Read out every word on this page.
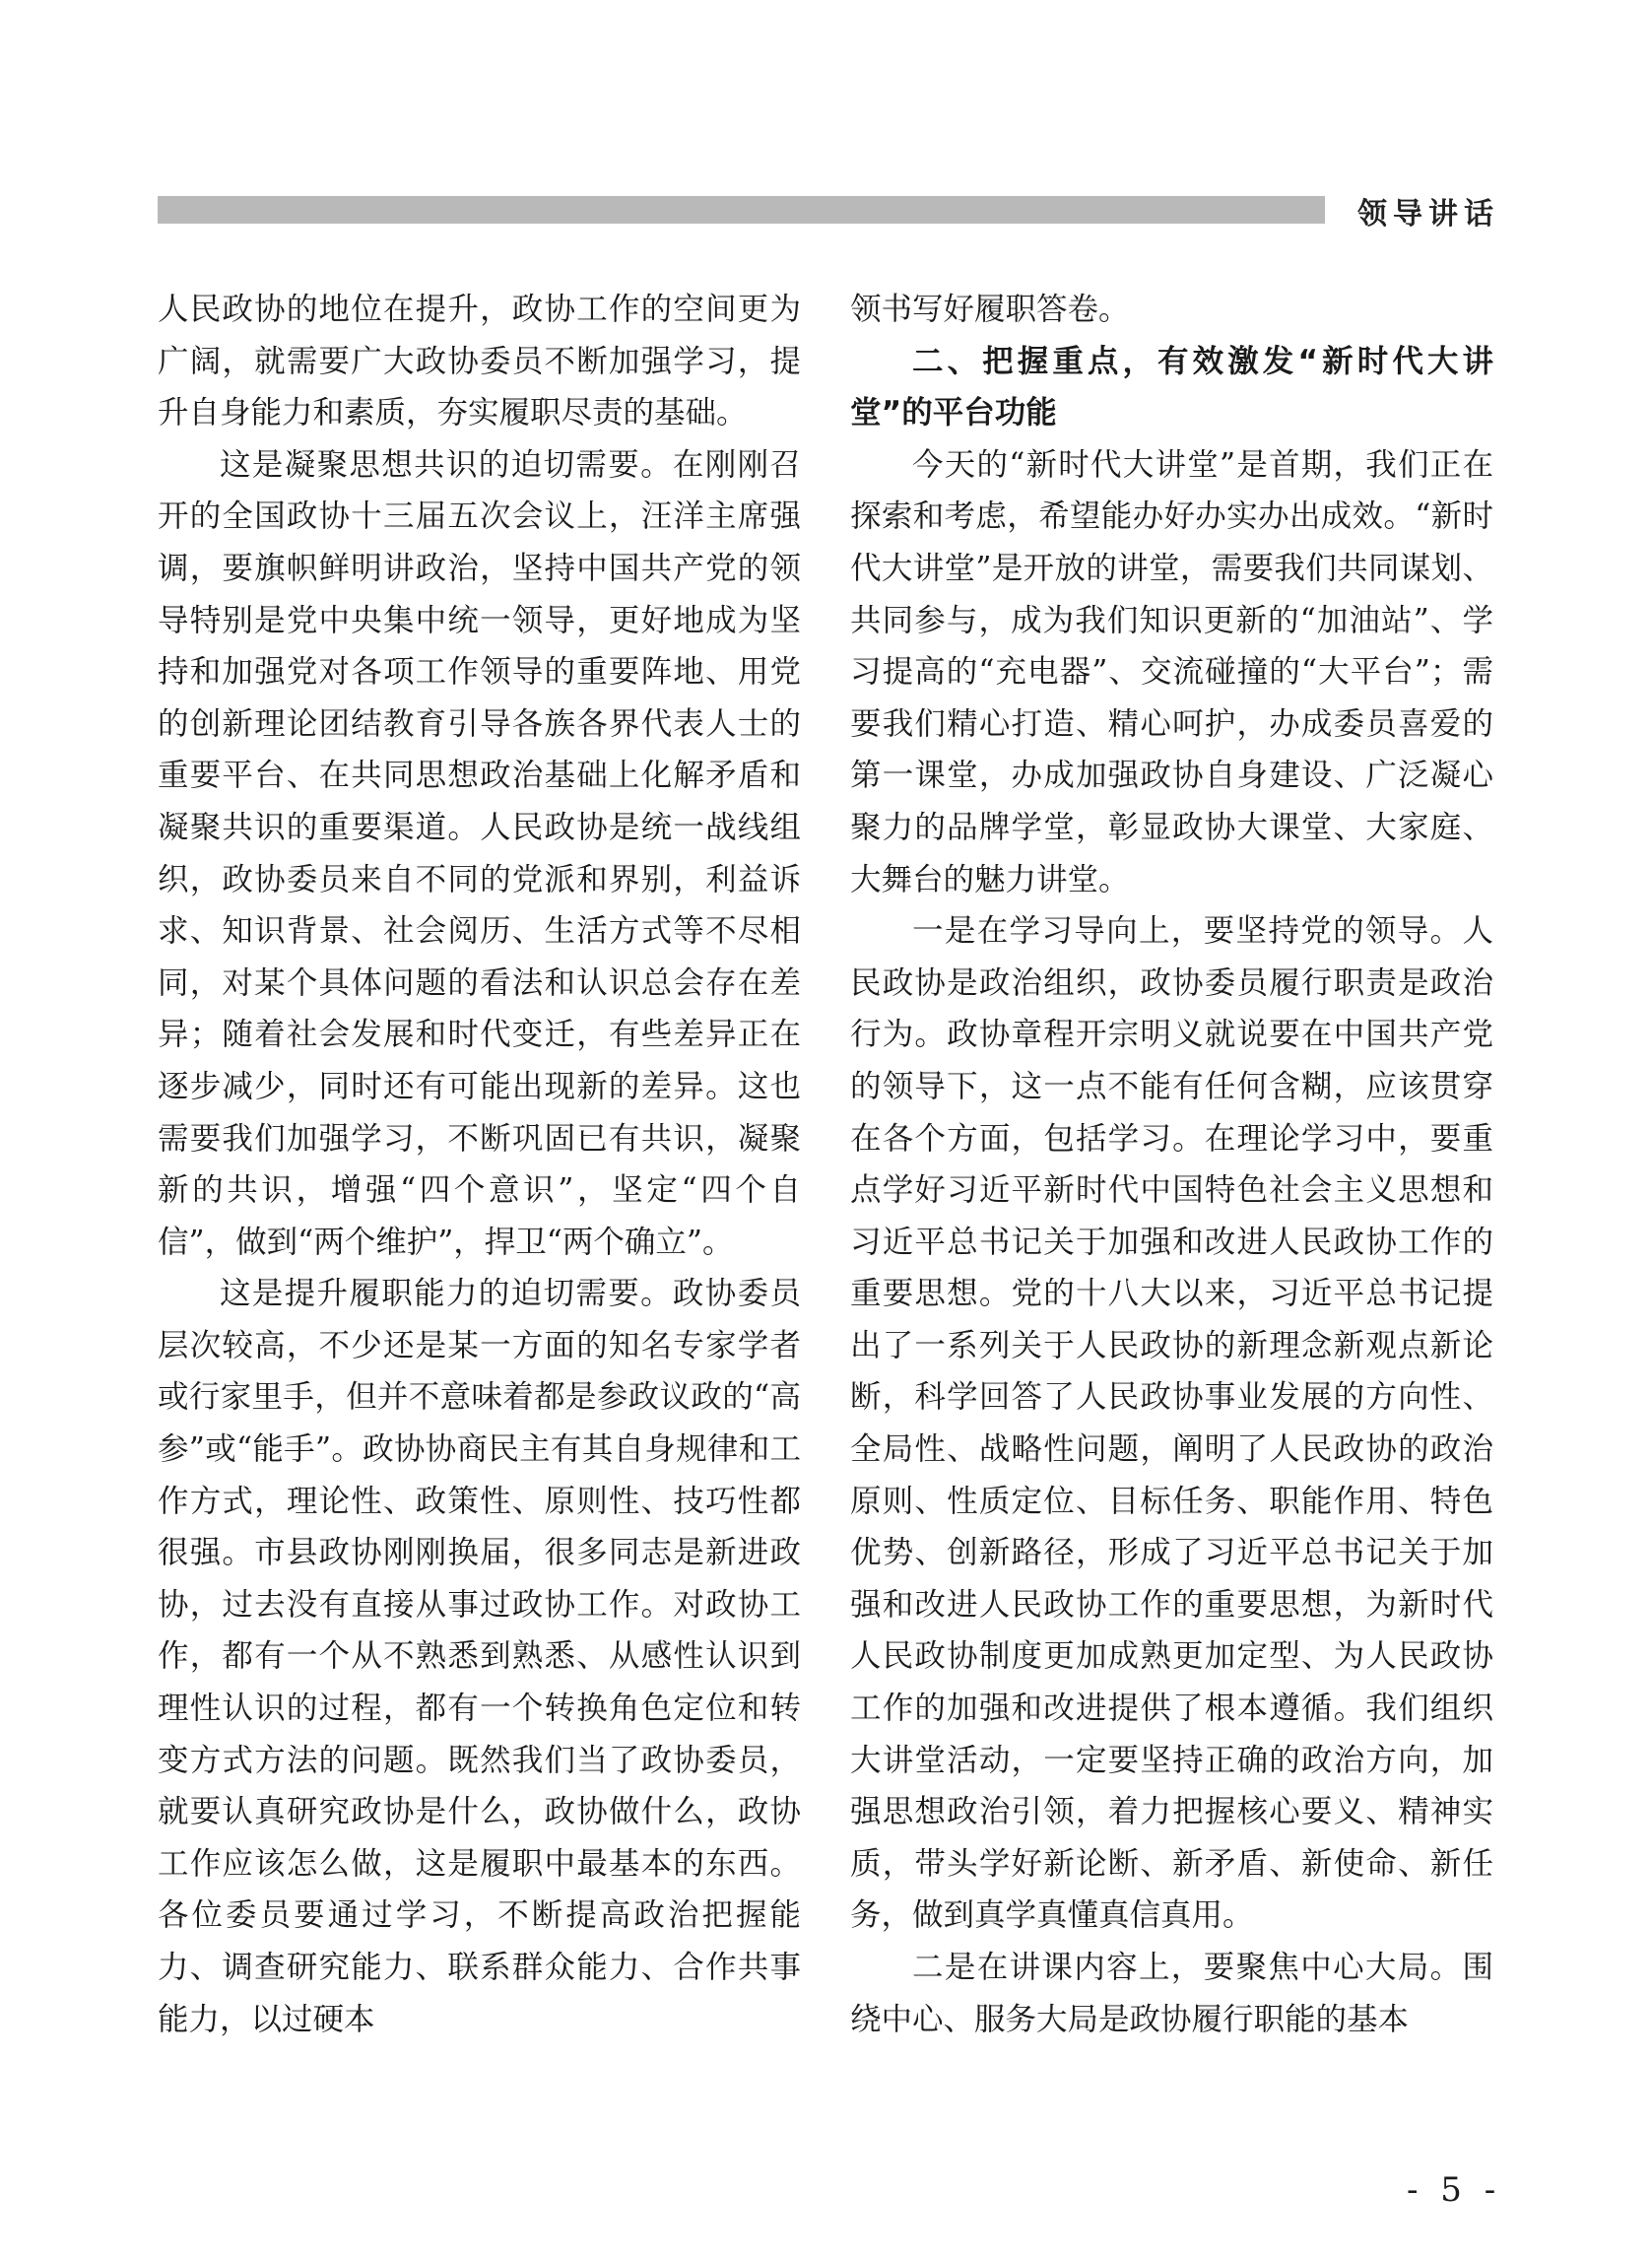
领导讲话

人民政协的地位在提升，政协工作的空间更为广阔，就需要广大政协委员不断加强学习，提升自身能力和素质，夯实履职尽责的基础。

这是凝聚思想共识的迫切需要。在刚刚召开的全国政协十三届五次会议上，汪洋主席强调，要旗帜鲜明讲政治，坚持中国共产党的领导特别是党中央集中统一领导，更好地成为坚持和加强党对各项工作领导的重要阵地、用党的创新理论团结教育引导各族各界代表人士的重要平台、在共同思想政治基础上化解矛盾和凝聚共识的重要渠道。人民政协是统一战线组织，政协委员来自不同的党派和界别，利益诉求、知识背景、社会阅历、生活方式等不尽相同，对某个具体问题的看法和认识总会存在差异；随着社会发展和时代变迁，有些差异正在逐步减少，同时还有可能出现新的差异。这也需要我们加强学习，不断巩固已有共识，凝聚新的共识，增强“四个意识”，坚定“四个自信”，做到“两个维护”，捍卫“两个确立”。

这是提升履职能力的迫切需要。政协委员层次较高，不少还是某一方面的知名专家学者或行家里手，但并不意味着都是参政议政的“高参”或“能手”。政协协商民主有其自身规律和工作方式，理论性、政策性、原则性、技巧性都很强。市县政协刚刚换届，很多同志是新进政协，过去没有直接从事过政协工作。对政协工作，都有一个从不熟悉到熟悉、从感性认识到理性认识的过程，都有一个转换角色定位和转变方式方法的问题。既然我们当了政协委员，就要认真研究政协是什么，政协做什么，政协工作应该怎么做，这是履职中最基本的东西。各位委员要通过学习，不断提高政治把握能力、调查研究能力、联系群众能力、合作共事能力，以过硬本

领书写好履职答卷。

二、把握重点，有效激发“新时代大讲堂”的平台功能

今天的“新时代大讲堂”是首期，我们正在探索和考虑，希望能办好办实办出成效。“新时代大讲堂”是开放的讲堂，需要我们共同谋划、共同参与，成为我们知识更新的“加油站”、学习提高的“充电器”、交流碰撞的“大平台”；需要我们精心打造、精心呵护，办成委员喜爱的第一课堂，办成加强政协自身建设、广泛凝心聚力的品牌学堂，彰显政协大课堂、大家庭、大舞台的魅力讲堂。

一是在学习导向上，要坚持党的领导。人民政协是政治组织，政协委员履行职责是政治行为。政协章程开宗明义就说要在中国共产党的领导下，这一点不能有任何含糊，应该贯穿在各个方面，包括学习。在理论学习中，要重点学好习近平新时代中国特色社会主义思想和习近平总书记关于加强和改进人民政协工作的重要思想。党的十八大以来，习近平总书记提出了一系列关于人民政协的新理念新观点新论断，科学回答了人民政协事业发展的方向性、全局性、战略性问题，阐明了人民政协的政治原则、性质定位、目标任务、职能作用、特色优势、创新路径，形成了习近平总书记关于加强和改进人民政协工作的重要思想，为新时代人民政协制度更加成熟更加定型、为人民政协工作的加强和改进提供了根本遵循。我们组织大讲堂活动，一定要坚持正确的政治方向，加强思想政治引领，着力把握核心要义、精神实质，带头学好新论断、新矛盾、新使命、新任务，做到真学真懂真信真用。

二是在讲课内容上，要聚焦中心大局。围绕中心、服务大局是政协履行职能的基本

- 5 -
